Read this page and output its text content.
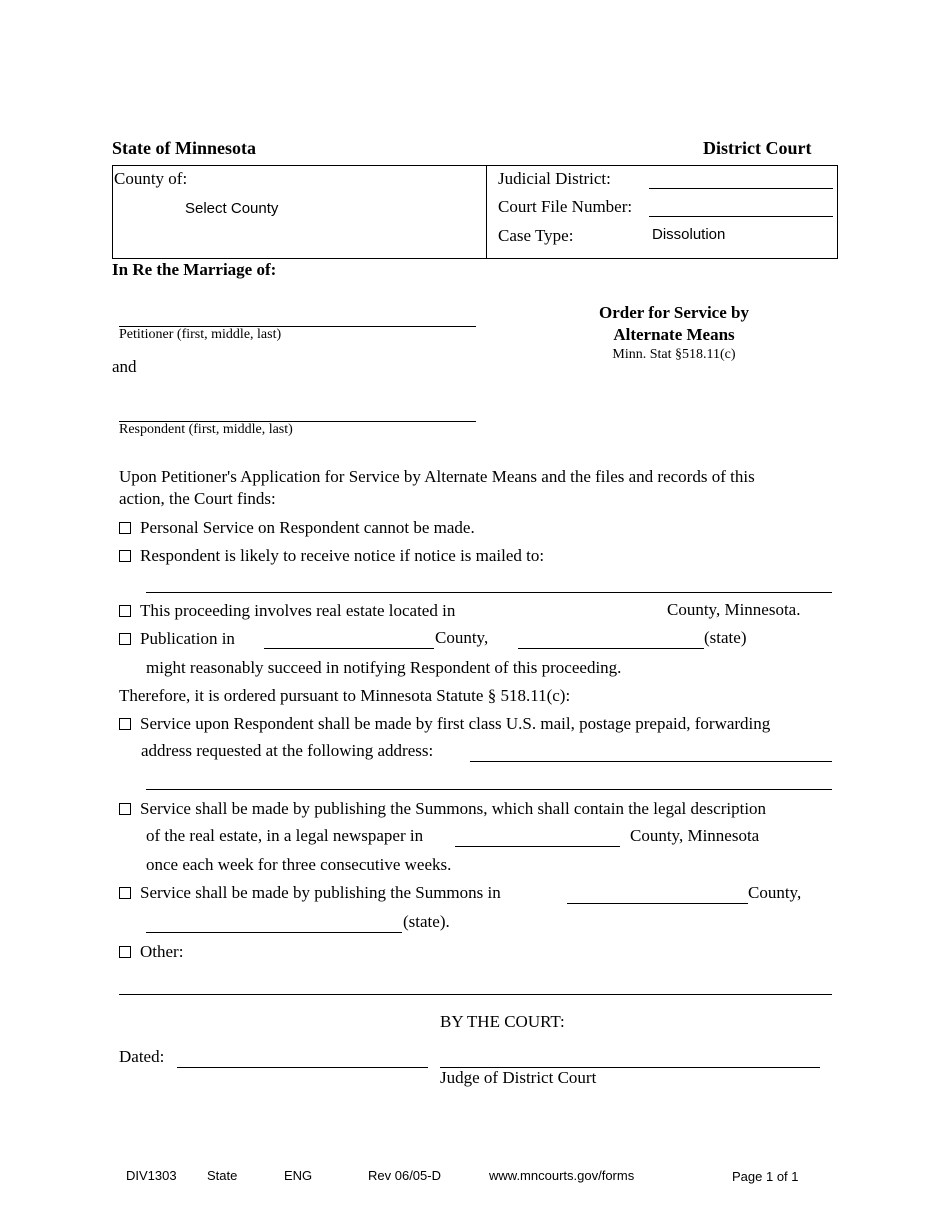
State of Minnesota	District Court
County of:
Select County
Judicial District:
Court File Number:
Case Type:	Dissolution
In Re the Marriage of:
Petitioner (first, middle, last)
and
Respondent (first, middle, last)
Order for Service by
Alternate Means
Minn. Stat §518.11(c)
Upon Petitioner's Application for Service by Alternate Means and the files and records of this
action, the Court finds:
Personal Service on Respondent cannot be made.
Respondent is likely to receive notice if notice is mailed to:
This proceeding involves real estate located in	County, Minnesota.
Publication in	County,	(state)
might reasonably succeed in notifying Respondent of this proceeding.
Therefore, it is ordered pursuant to Minnesota Statute § 518.11(c):
Service upon Respondent shall be made by first class U.S. mail, postage prepaid, forwarding
address requested at the following address:
Service shall be made by publishing the Summons, which shall contain the legal description
of the real estate, in a legal newspaper in	County, Minnesota
once each week for three consecutive weeks.
Service shall be made by publishing the Summons in	County,
(state).
Other:
BY THE COURT:
Dated:
Judge of District Court
DIV1303 State	ENG	Rev 06/05-D	www.mncourts.gov/forms	Page 1 of 1
